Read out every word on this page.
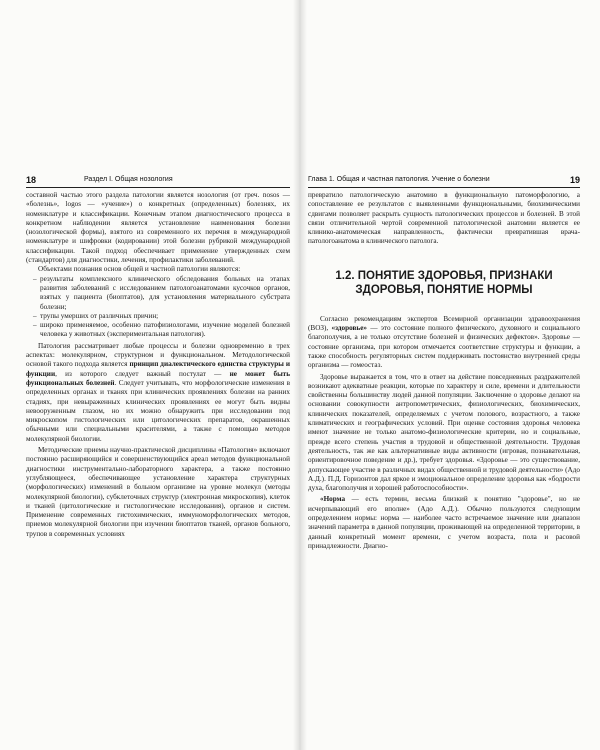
18	Раздел I. Общая нозология

составной частью этого раздела патологии является нозология (от греч. nosos — «болезнь», logos — «учение») о конкретных (определенных) болезнях, их номенклатуре и классификации. Конечным этапом диагностического процесса в конкретном наблюдении является установление наименования болезни (нозологической формы), взятого из современного их перечня в международной номенклатуре и шифровки (кодировании) этой болезни рубрикой международной классификации. Такой подход обеспечивает применение утвержденных схем (стандартов) для диагностики, лечения, профилактики заболеваний.

Объектами познания основ общей и частной патологии являются:

– результаты комплексного клинического обследования больных на этапах развития заболеваний с исследованием патологоанатомами кусочков органов, взятых у пациента (биоптатов), для установления материального субстрата болезни;
– трупы умерших от различных причин;
– широко применяемое, особенно патофизиологами, изучение моделей болезней человека у животных (экспериментальная патология).

Патология рассматривает любые процессы и болезни одновременно в трех аспектах: молекулярном, структурном и функциональном. Методологической основой такого подхода является принцип диалектического единства структуры и функции, из которого следует важный постулат — не может быть функциональных болезней. Следует учитывать, что морфологические изменения в определенных органах и тканях при клинических проявлениях болезни на ранних стадиях, при невыраженных клинических проявлениях ее могут быть видны невооруженным глазом, но их можно обнаружить при исследовании под микроскопом гистологических или цитологических препаратов, окрашенных обычными или специальными красителями, а также с помощью методов молекулярной биологии.

Методические приемы научно-практической дисциплины «Патология» включают постоянно расширяющийся и совершенствующийся ареал методов функциональной диагностики инструментально-лабораторного характера, а также постоянно углубляющееся, обеспечивающее установление характера структурных (морфологических) изменений в больном организме на уровне молекул (методы молекулярной биологии), субклеточных структур (электронная микроскопия), клеток и тканей (цитологические и гистологические исследования), органов и систем. Применение современных гистохимических, иммуноморфологических методов, приемов молекулярной биологии при изучении биоптатов тканей, органов больного, трупов в современных условиях

Глава 1. Общая и частная патология. Учение о болезни	19

превратило патологическую анатомию в функциональную патоморфологию, а сопоставление ее результатов с выявленными функциональными, биохимическими сдвигами позволяет раскрыть сущность патологических процессов и болезней. В этой связи отличительной чертой современной патологической анатомии является ее клинико-анатомическая направленность, фактически превратившая врача-патологоанатома в клинического патолога.

1.2. ПОНЯТИЕ ЗДОРОВЬЯ, ПРИЗНАКИ ЗДОРОВЬЯ, ПОНЯТИЕ НОРМЫ

Согласно рекомендациям экспертов Всемирной организации здравоохранения (ВОЗ), «здоровье» — это состояние полного физического, духовного и социального благополучия, а не только отсутствие болезней и физических дефектов». Здоровье — состояние организма, при котором отмечается соответствие структуры и функции, а также способность регуляторных систем поддерживать постоянство внутренней среды организма — гомеостаз.

Здоровье выражается в том, что в ответ на действие повседневных раздражителей возникают адекватные реакции, которые по характеру и силе, времени и длительности свойственны большинству людей данной популяции. Заключение о здоровье делают на основании совокупности антропометрических, физиологических, биохимических, клинических показателей, определяемых с учетом полового, возрастного, а также климатических и географических условий. При оценке состояния здоровья человека имеют значение не только анатомо-физиологические критерии, но и социальные, прежде всего степень участия в трудовой и общественной деятельности. Трудовая деятельность, так же как альтернативные виды активности (игровая, познавательная, ориентировочное поведение и др.), требует здоровья. «Здоровье — это существование, допускающее участие в различных видах общественной и трудовой деятельности» (Адо А.Д.). П.Д. Горизонтов дал яркое и эмоциональное определение здоровья как «бодрости духа, благополучия и хорошей работоспособности».

«Норма — есть термин, весьма близкий к понятию "здоровье", но не исчерпывающий его вполне» (Адо А.Д.). Обычно пользуются следующим определением нормы: норма — наиболее часто встречаемое значение или диапазон значений параметра в данной популяции, проживающей на определенной территории, в данный конкретный момент времени, с учетом возраста, пола и расовой принадлежности. Диагно-
